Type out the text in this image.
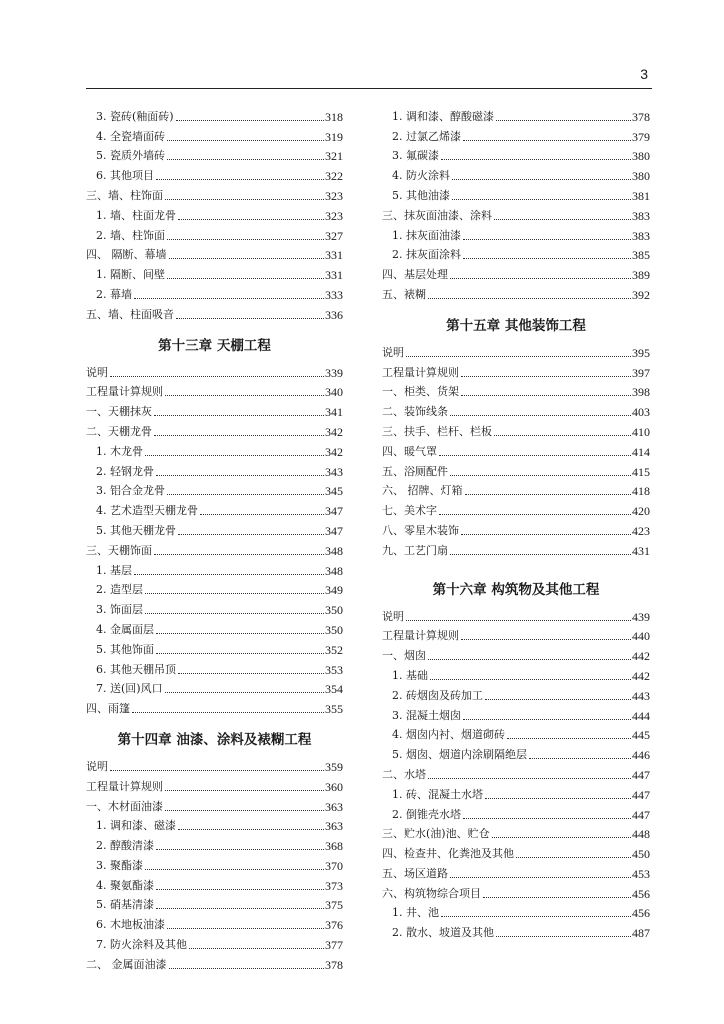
3
3. 瓷砖(釉面砖)	318
4. 全瓷墙面砖	319
5. 瓷质外墙砖	321
6. 其他项目	322
三、墙、柱饰面	323
1. 墙、柱面龙骨	323
2. 墙、柱饰面	327
四、 隔断、幕墙	331
1. 隔断、间壁	331
2. 幕墙	333
五、墙、柱面吸音	336
第十三章 天棚工程
说明	339
工程量计算规则	340
一、天棚抹灰	341
二、天棚龙骨	342
1. 木龙骨	342
2. 轻钢龙骨	343
3. 铝合金龙骨	345
4. 艺术造型天棚龙骨	347
5. 其他天棚龙骨	347
三、天棚饰面	348
1. 基层	348
2. 造型层	349
3. 饰面层	350
4. 金属面层	350
5. 其他饰面	352
6. 其他天棚吊顶	353
7. 送(回)风口	354
四、雨篷	355
第十四章 油漆、涂料及裱糊工程
说明	359
工程量计算规则	360
一、木材面油漆	363
1. 调和漆、磁漆	363
2. 醇酸清漆	368
3. 聚酯漆	370
4. 聚氨酯漆	373
5. 硝基清漆	375
6. 木地板油漆	376
7. 防火涂料及其他	377
二、 金属面油漆	378
1. 调和漆、醇酸磁漆	378
2. 过氯乙烯漆	379
3. 氟碳漆	380
4. 防火涂料	380
5. 其他油漆	381
三、抹灰面油漆、涂料	383
1. 抹灰面油漆	383
2. 抹灰面涂料	385
四、基层处理	389
五、裱糊	392
第十五章 其他装饰工程
说明	395
工程量计算规则	397
一、柜类、货架	398
二、装饰线条	403
三、扶手、栏杆、栏板	410
四、暖气罩	414
五、浴厕配件	415
六、 招牌、灯箱	418
七、美术字	420
八、零星木装饰	423
九、工艺门扇	431
第十六章 构筑物及其他工程
说明	439
工程量计算规则	440
一、烟囱	442
1. 基础	442
2. 砖烟囱及砖加工	443
3. 混凝土烟囱	444
4. 烟囱内衬、烟道砌砖	445
5. 烟囱、烟道内涂刷隔绝层	446
二、水塔	447
1. 砖、混凝土水塔	447
2. 倒锥壳水塔	447
三、贮水(油)池、贮仓	448
四、检查井、化粪池及其他	450
五、场区道路	453
六、构筑物综合项目	456
1. 井、池	456
2. 散水、坡道及其他	487
